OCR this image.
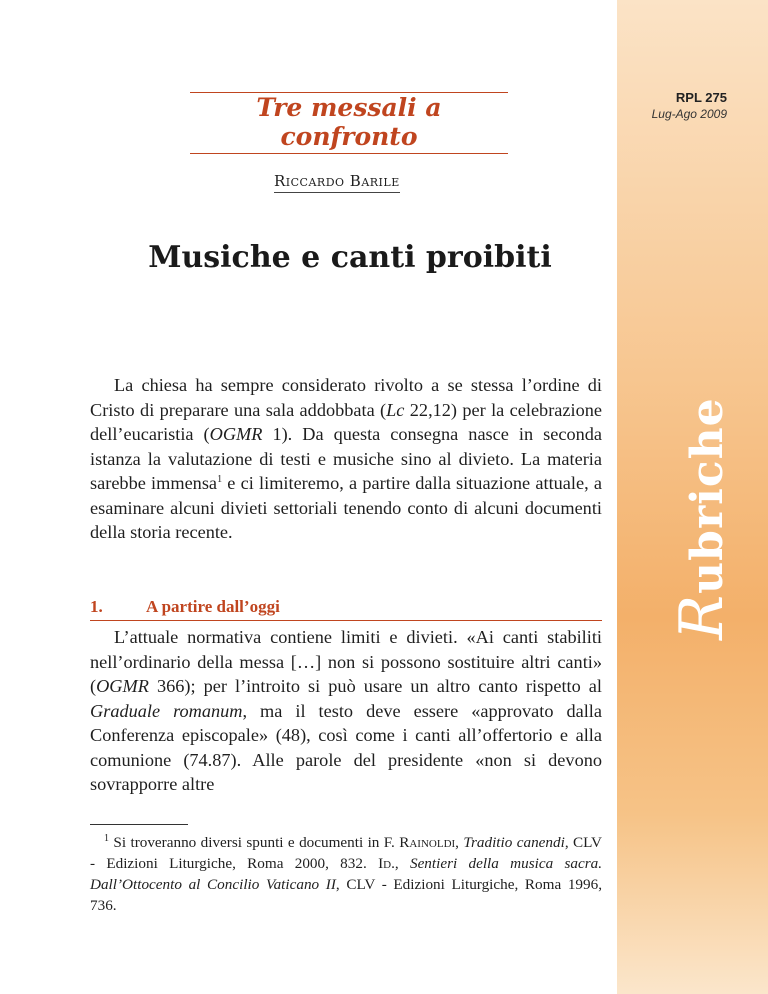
RPL 275
Lug-Ago 2009
Rubriche
Tre messali a confronto
Riccardo Barile
Musiche e canti proibiti

La chiesa ha sempre considerato rivolto a se stessa l’ordine di Cristo di preparare una sala addobbata (Lc 22,12) per la celebrazione dell’eucaristia (OGMR 1). Da questa consegna nasce in seconda istanza la valutazione di testi e musiche sino al divieto. La materia sarebbe immensa$^1$ e ci limiteremo, a partire dalla situazione attuale, a esaminare alcuni divieti settoriali tenendo conto di alcuni documenti della storia recente.

1.	A partire dall’oggi

L’attuale normativa contiene limiti e divieti. «Ai canti stabiliti nell’ordinario della messa […] non si possono sostituire altri canti» (OGMR 366); per l’introito si può usare un altro canto rispetto al Graduale romanum, ma il testo deve essere «approvato dalla Conferenza episcopale» (48), così come i canti all’offertorio e alla comunione (74.87). Alle parole del presidente «non si devono sovrapporre altre

$^1$ Si troveranno diversi spunti e documenti in F. Rainoldi, Traditio canendi, CLV - Edizioni Liturgiche, Roma 2000, 832. Id., Sentieri della musica sacra. Dall’Ottocento al Concilio Vaticano II, CLV - Edizioni Liturgiche, Roma 1996, 736.
